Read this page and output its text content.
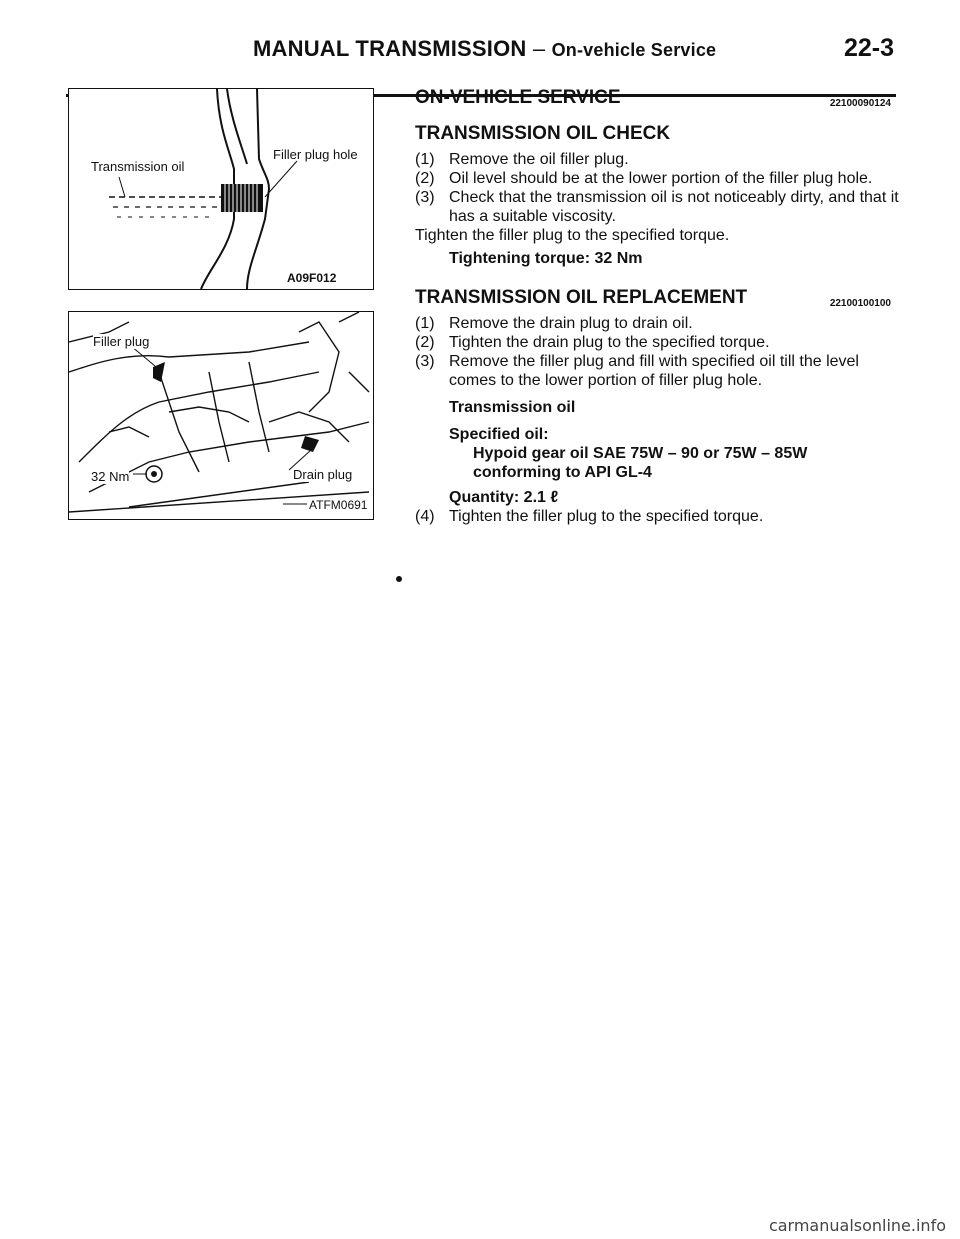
MANUAL TRANSMISSION – On-vehicle Service	22-3
Transmission oil
Filler plug hole
A09F012
Filler plug
32 Nm	Drain plug
ATFM0691
ON-VEHICLE SERVICE	22100090124
TRANSMISSION OIL CHECK
(1) Remove the oil filler plug.
(2) Oil level should be at the lower portion of the filler plug hole.
(3) Check that the transmission oil is not noticeably dirty, and that it has a suitable viscosity.
Tighten the filler plug to the specified torque.
Tightening torque: 32 Nm
TRANSMISSION OIL REPLACEMENT	22100100100
(1) Remove the drain plug to drain oil.
(2) Tighten the drain plug to the specified torque.
(3) Remove the filler plug and fill with specified oil till the level comes to the lower portion of filler plug hole.
Transmission oil
Specified oil:
Hypoid gear oil SAE 75W – 90 or 75W – 85W
conforming to API GL-4
Quantity: 2.1 ℓ
(4) Tighten the filler plug to the specified torque.
carmanualsonline.info
